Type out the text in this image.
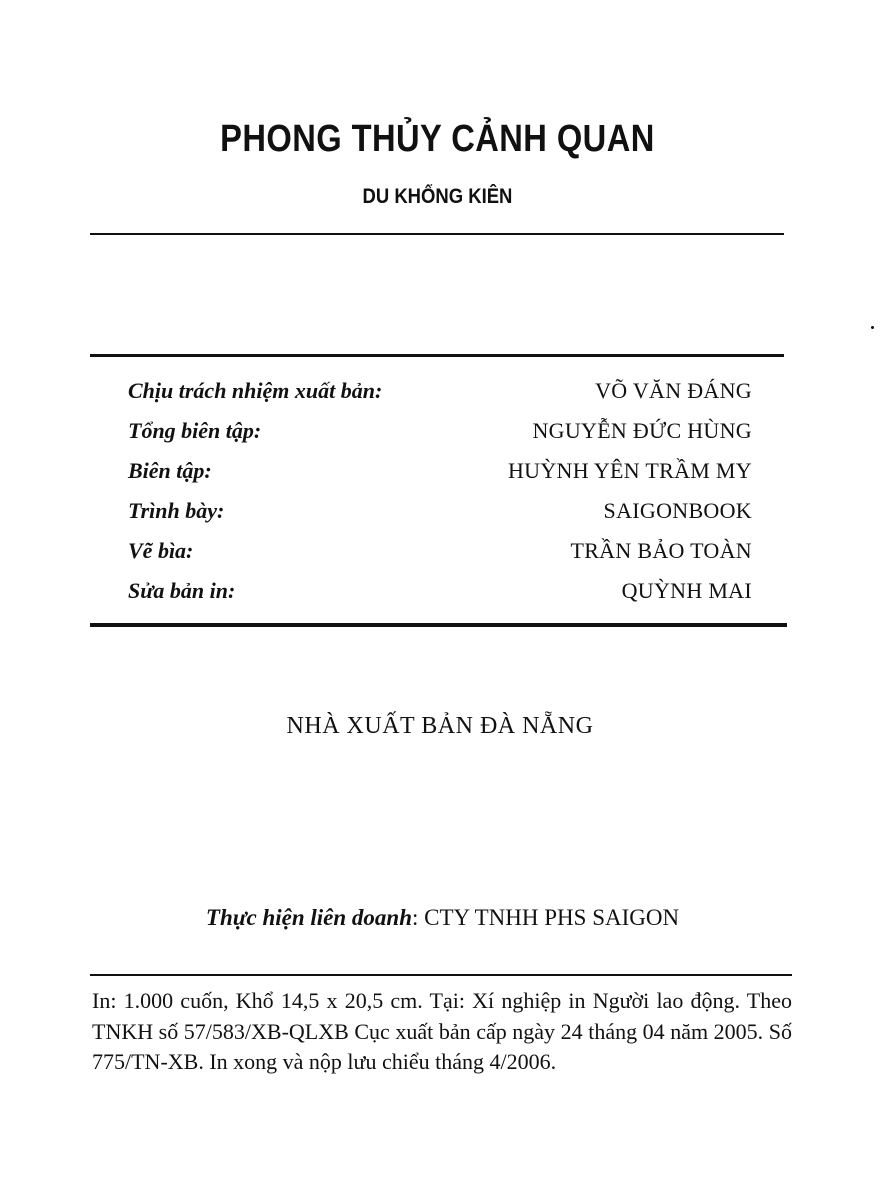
PHONG THỦY CẢNH QUAN
DU KHỔNG KIÊN
Chịu trách nhiệm xuất bản:	VÕ VĂN ĐÁNG
Tổng biên tập:	NGUYỄN ĐỨC HÙNG
Biên tập:	HUỲNH YÊN TRẦM MY
Trình bày:	SAIGONBOOK
Vẽ bìa:	TRẦN BẢO TOÀN
Sửa bản in:	QUỲNH MAI
NHÀ XUẤT BẢN ĐÀ NẴNG
Thực hiện liên doanh: CTY TNHH PHS SAIGON
In: 1.000 cuốn, Khổ 14,5 x 20,5 cm. Tại: Xí nghiệp in Người lao động. Theo TNKH số 57/583/XB-QLXB Cục xuất bản cấp ngày 24 tháng 04 năm 2005. Số 775/TN-XB. In xong và nộp lưu chiểu tháng 4/2006.
